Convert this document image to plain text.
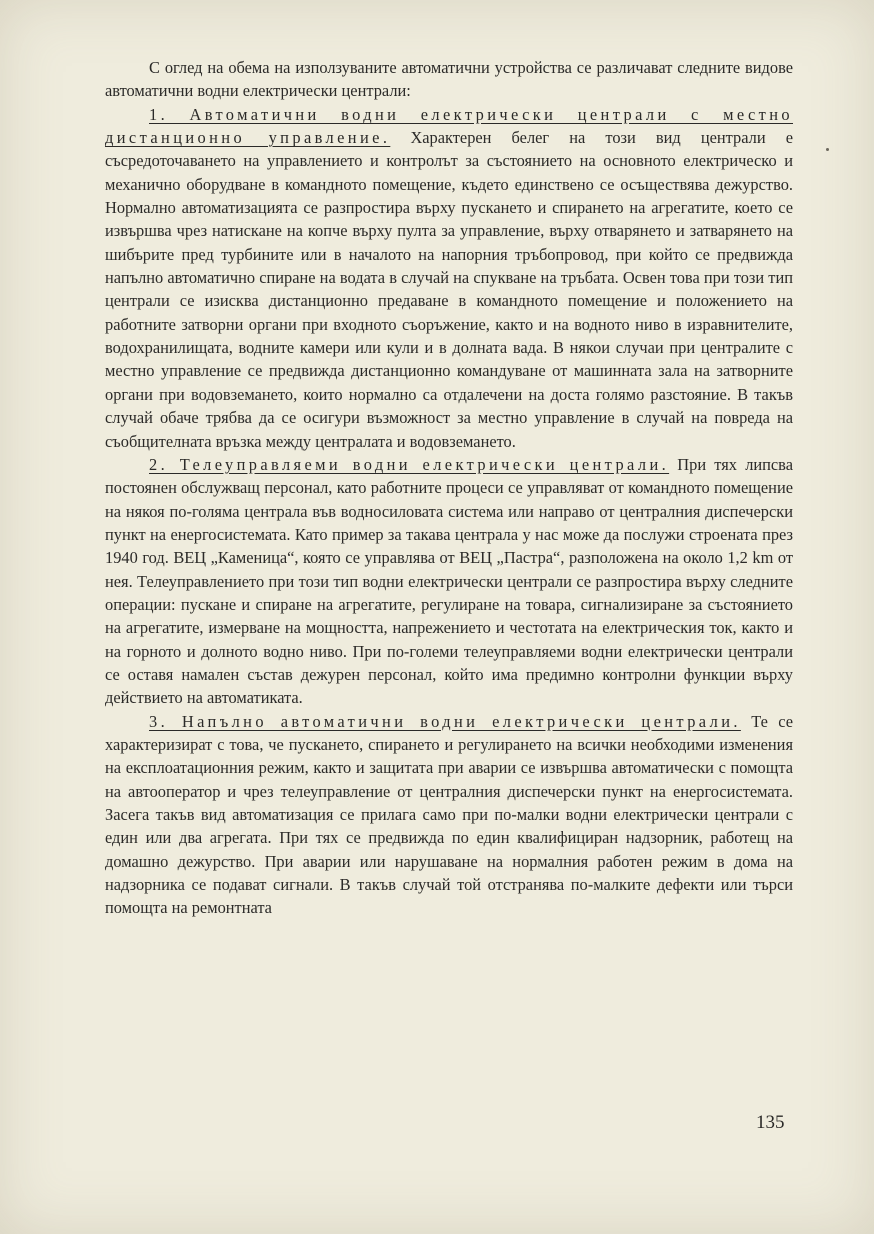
С оглед на обема на използуваните автоматични устройства се различават следните видове автоматични водни електрически централи:

1. Автоматични водни електрически централи с местно дистанционно управление. Характерен белег на този вид централи е съсредоточаването на управлението и контролът за състоянието на основното електрическо и механично оборудване в командното помещение, където единствено се осъществява дежурство. Нормално автоматизацията се разпростира върху пускането и спирането на агрегатите, което се извършва чрез натискане на копче върху пулта за управление, върху отварянето и затварянето на шибърите пред турбините или в началото на напорния тръбопровод, при който се предвижда напълно автоматично спиране на водата в случай на спукване на тръбата. Освен това при този тип централи се изисква дистанционно предаване в командното помещение и положението на работните затворни органи при входното съоръжение, както и на водното ниво в изравнителите, водохранилищата, водните камери или кули и в долната вада. В някои случаи при централите с местно управление се предвижда дистанционно командуване от машинната зала на затворните органи при водовземането, които нормално са отдалечени на доста голямо разстояние. В такъв случай обаче трябва да се осигури възможност за местно управление в случай на повреда на съобщителната връзка между централата и водовземането.

2. Телеуправляеми водни електрически централи. При тях липсва постоянен обслужващ персонал, като работните процеси се управляват от командното помещение на някоя по-голяма централа във водносиловата система или направо от централния диспечерски пункт на енергосистемата. Като пример за такава централа у нас може да послужи строената през 1940 год. ВЕЦ „Каменица“, която се управлява от ВЕЦ „Пастра“, разположена на около 1,2 km от нея. Телеуправлението при този тип водни електрически централи се разпростира върху следните операции: пускане и спиране на агрегатите, регулиране на товара, сигнализиране за състоянието на агрегатите, измерване на мощността, напрежението и честотата на електрическия ток, както и на горното и долното водно ниво. При по-големи телеуправляеми водни електрически централи се оставя намален състав дежурен персонал, който има предимно контролни функции върху действието на автоматиката.

3. Напълно автоматични водни електрически централи. Те се характеризират с това, че пускането, спирането и регулирането на всички необходими изменения на експлоатационния режим, както и защитата при аварии се извършва автоматически с помощта на автооператор и чрез телеуправление от централния диспечерски пункт на енергосистемата. Засега такъв вид автоматизация се прилага само при по-малки водни електрически централи с един или два агрегата. При тях се предвижда по един квалифициран надзорник, работещ на домашно дежурство. При аварии или нарушаване на нормалния работен режим в дома на надзорника се подават сигнали. В такъв случай той отстранява по-малките дефекти или търси помощта на ремонтната

135
